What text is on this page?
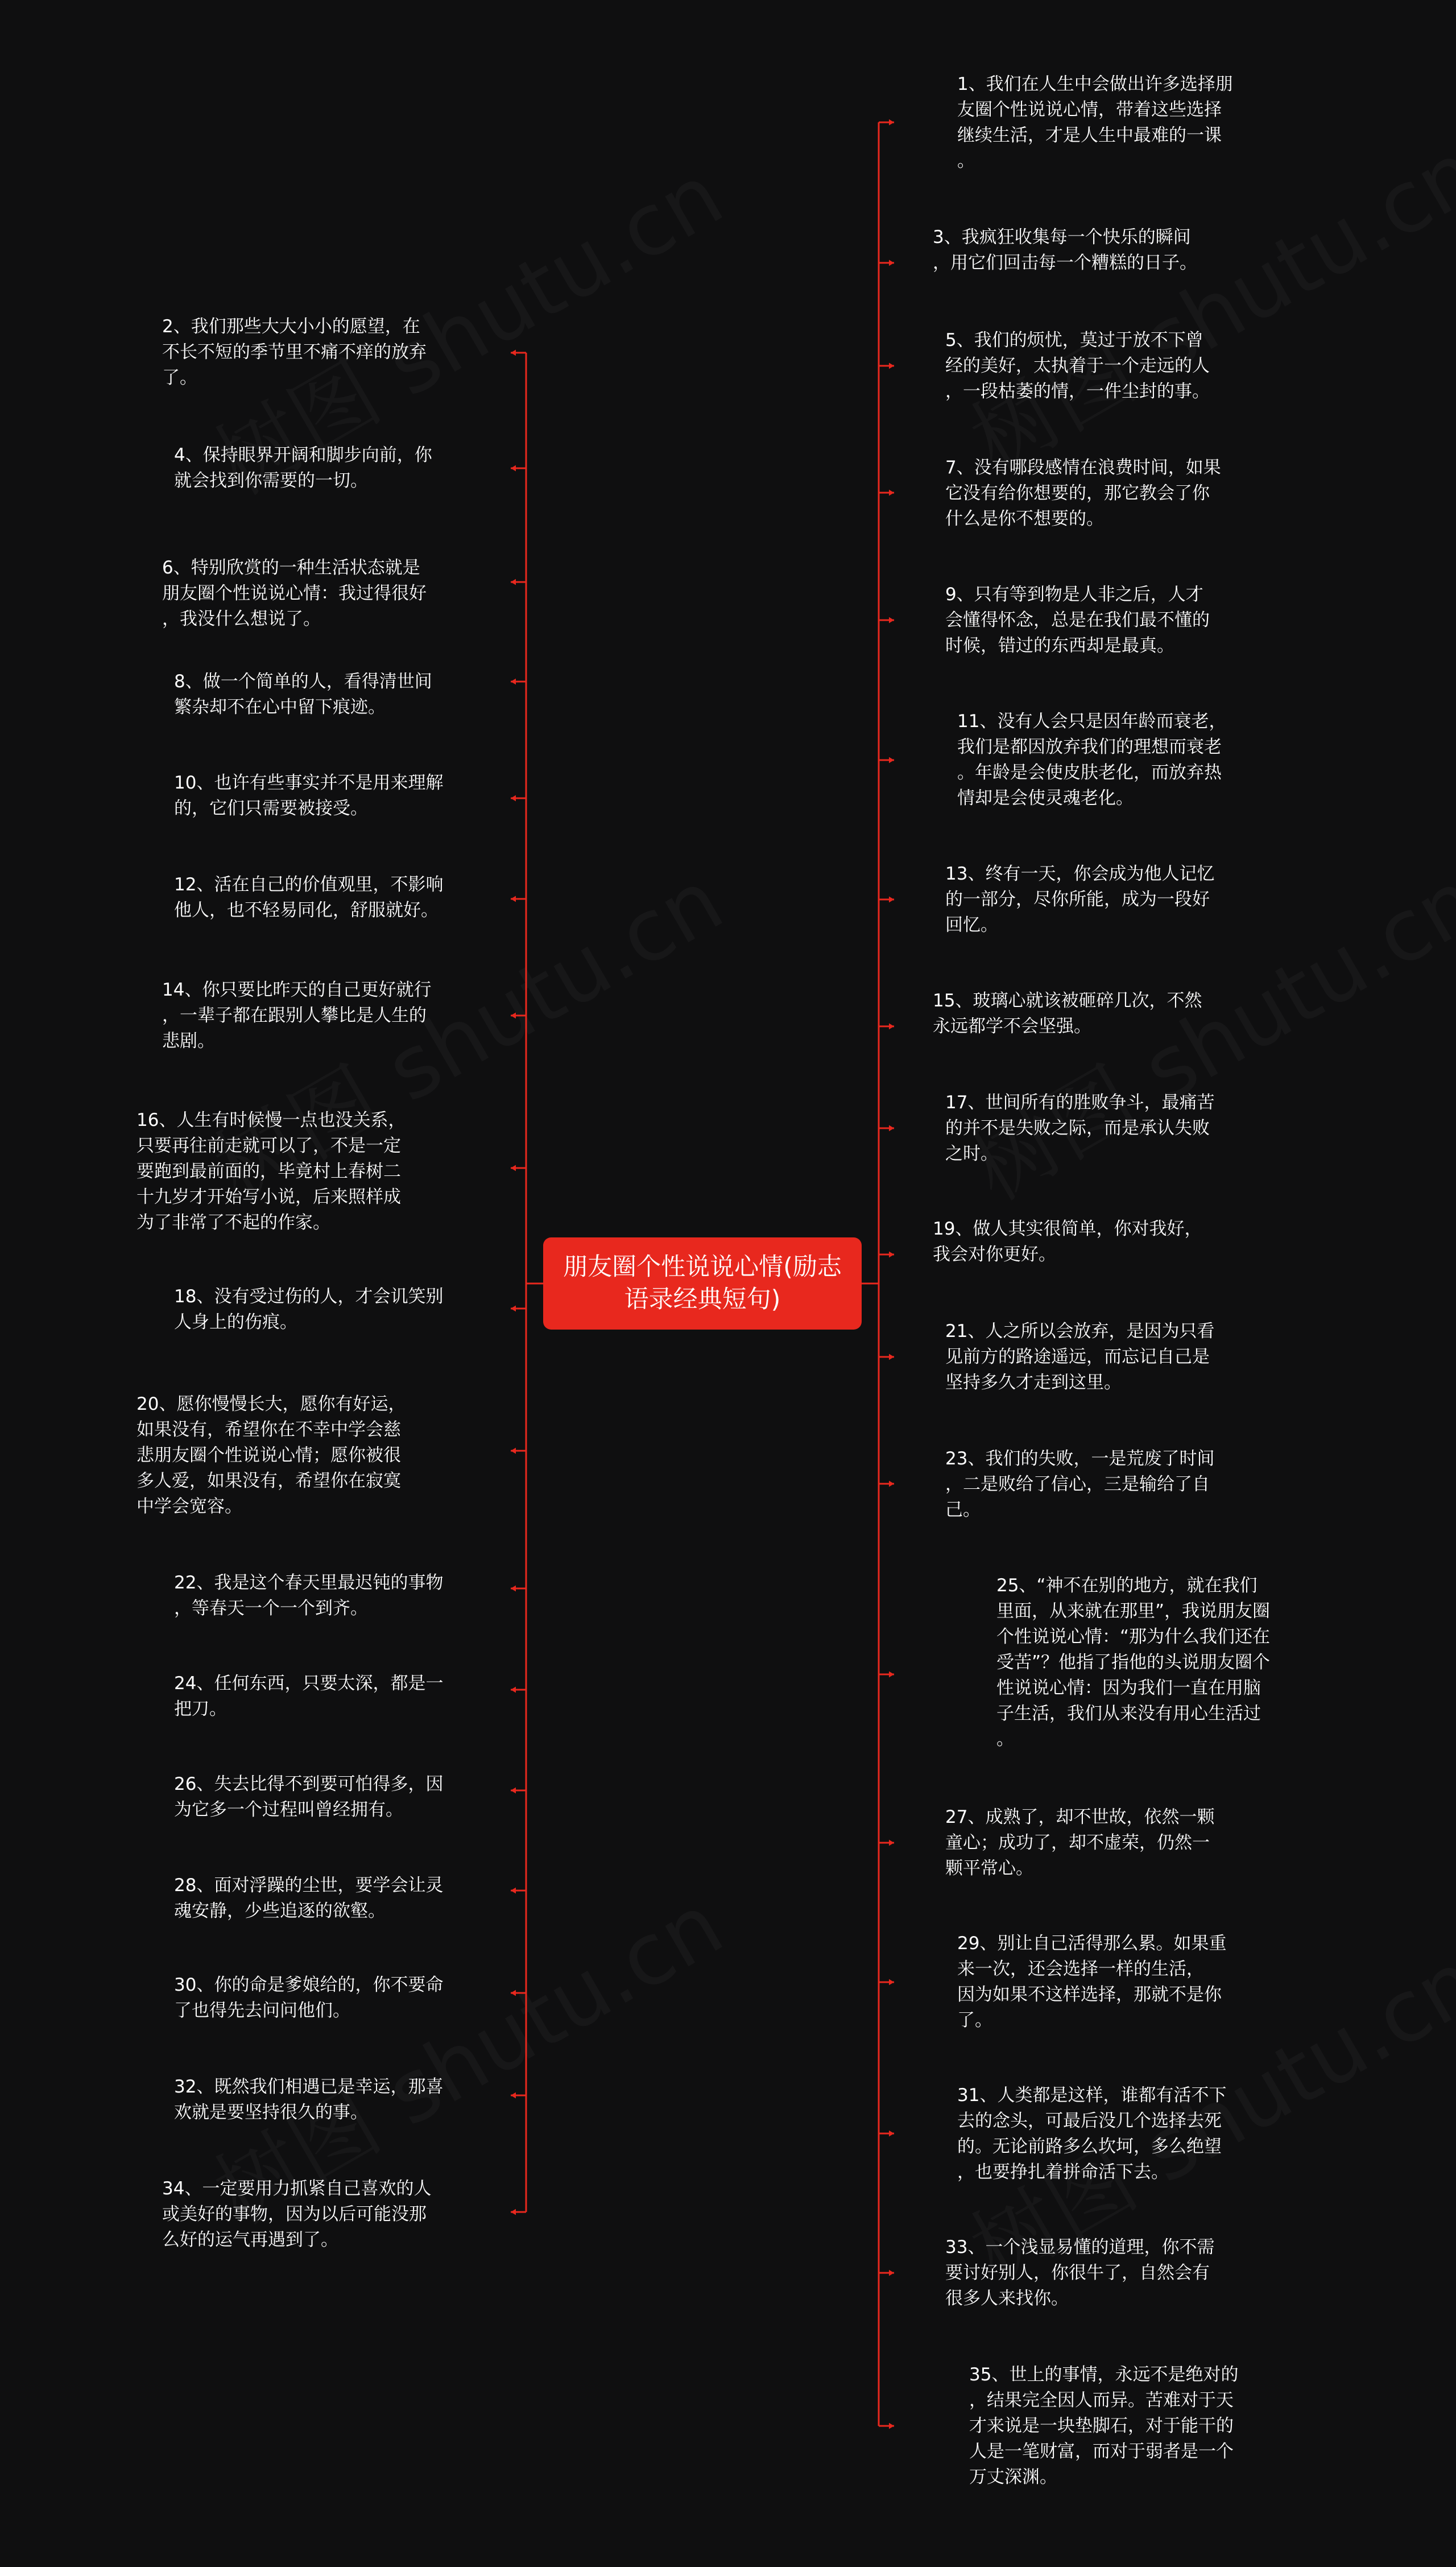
朋友圈个性说说心情(励志语录经典短句)
2、我们那些大大小小的愿望，在
不长不短的季节里不痛不痒的放弃
了。
4、保持眼界开阔和脚步向前，你
就会找到你需要的一切。
6、特别欣赏的一种生活状态就是
朋友圈个性说说心情：我过得很好
，我没什么想说了。
8、做一个简单的人，看得清世间
繁杂却不在心中留下痕迹。
10、也许有些事实并不是用来理解
的，它们只需要被接受。
12、活在自己的价值观里，不影响
他人，也不轻易同化，舒服就好。
14、你只要比昨天的自己更好就行
，一辈子都在跟别人攀比是人生的
悲剧。
16、人生有时候慢一点也没关系，
只要再往前走就可以了，不是一定
要跑到最前面的，毕竟村上春树二
十九岁才开始写小说，后来照样成
为了非常了不起的作家。
18、没有受过伤的人，才会讥笑别
人身上的伤痕。
20、愿你慢慢长大，愿你有好运，
如果没有，希望你在不幸中学会慈
悲朋友圈个性说说心情；愿你被很
多人爱，如果没有，希望你在寂寞
中学会宽容。
22、我是这个春天里最迟钝的事物
，等春天一个一个到齐。
24、任何东西，只要太深，都是一
把刀。
26、失去比得不到要可怕得多，因
为它多一个过程叫曾经拥有。
28、面对浮躁的尘世，要学会让灵
魂安静，少些追逐的欲壑。
30、你的命是爹娘给的，你不要命
了也得先去问问他们。
32、既然我们相遇已是幸运，那喜
欢就是要坚持很久的事。
34、一定要用力抓紧自己喜欢的人
或美好的事物，因为以后可能没那
么好的运气再遇到了。
1、我们在人生中会做出许多选择朋
友圈个性说说心情，带着这些选择
继续生活，才是人生中最难的一课
。
3、我疯狂收集每一个快乐的瞬间
，用它们回击每一个糟糕的日子。
5、我们的烦忧，莫过于放不下曾
经的美好，太执着于一个走远的人
，一段枯萎的情，一件尘封的事。
7、没有哪段感情在浪费时间，如果
它没有给你想要的，那它教会了你
什么是你不想要的。
9、只有等到物是人非之后，人才
会懂得怀念，总是在我们最不懂的
时候，错过的东西却是最真。
11、没有人会只是因年龄而衰老，
我们是都因放弃我们的理想而衰老
。年龄是会使皮肤老化，而放弃热
情却是会使灵魂老化。
13、终有一天，你会成为他人记忆
的一部分，尽你所能，成为一段好
回忆。
15、玻璃心就该被砸碎几次，不然
永远都学不会坚强。
17、世间所有的胜败争斗，最痛苦
的并不是失败之际，而是承认失败
之时。
19、做人其实很简单，你对我好，
我会对你更好。
21、人之所以会放弃，是因为只看
见前方的路途遥远，而忘记自己是
坚持多久才走到这里。
23、我们的失败，一是荒废了时间
，二是败给了信心，三是输给了自
己。
25、“神不在别的地方，就在我们
里面，从来就在那里”，我说朋友圈
个性说说心情：“那为什么我们还在
受苦”？他指了指他的头说朋友圈个
性说说心情：因为我们一直在用脑
子生活，我们从来没有用心生活过
。
27、成熟了，却不世故，依然一颗
童心；成功了，却不虚荣，仍然一
颗平常心。
29、别让自己活得那么累。如果重
来一次，还会选择一样的生活，
因为如果不这样选择，那就不是你
了。
31、人类都是这样，谁都有活不下
去的念头，可最后没几个选择去死
的。无论前路多么坎坷，多么绝望
，也要挣扎着拼命活下去。
33、一个浅显易懂的道理，你不需
要讨好别人，你很牛了，自然会有
很多人来找你。
35、世上的事情，永远不是绝对的
，结果完全因人而异。苦难对于天
才来说是一块垫脚石，对于能干的
人是一笔财富，而对于弱者是一个
万丈深渊。
